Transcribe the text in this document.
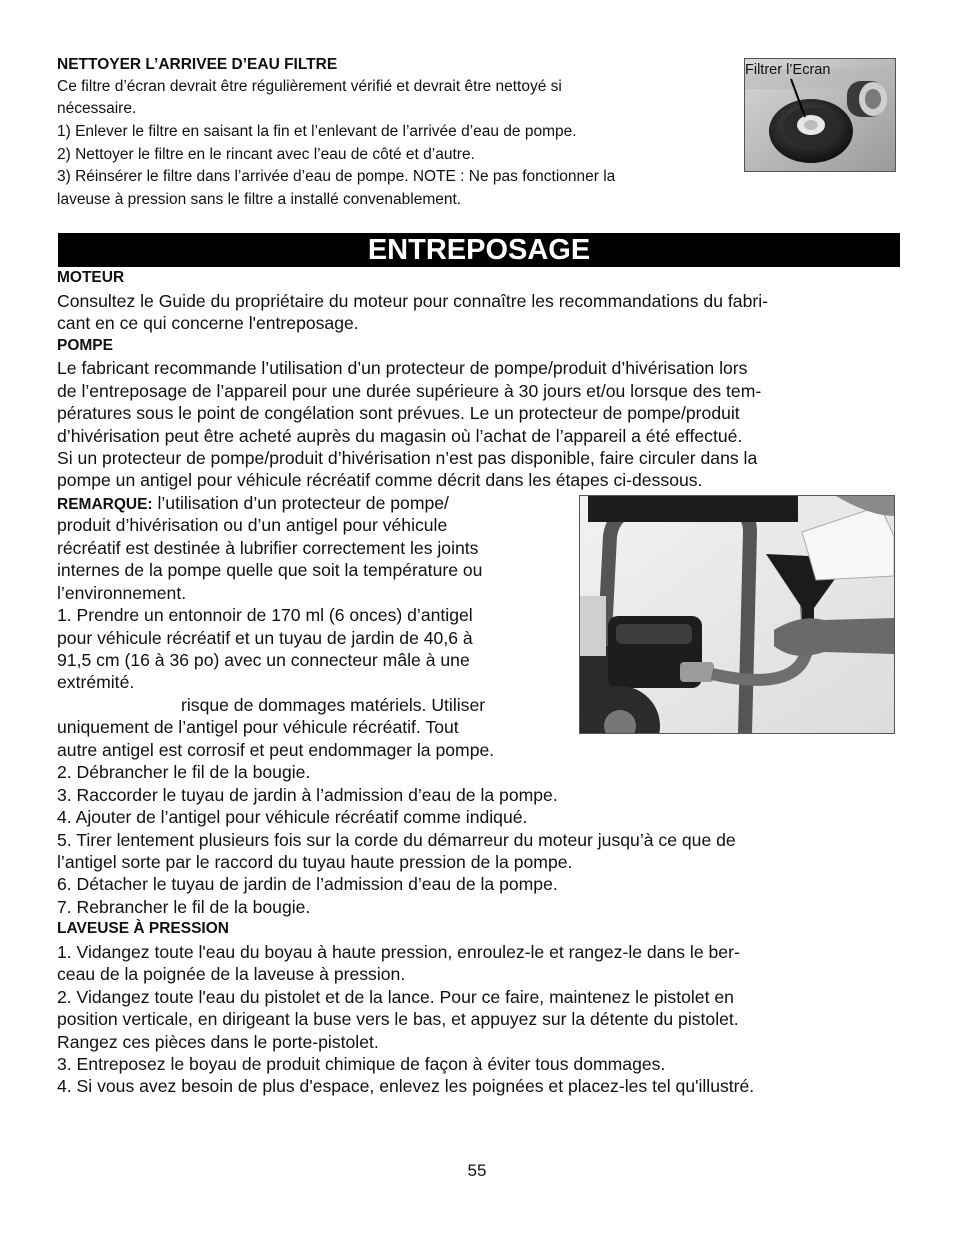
NETTOYER L’ARRIVEE D’EAU FILTRE
Ce filtre d’écran devrait être régulièrement vérifié et devrait être nettoyé si
nécessaire.
1) Enlever le filtre en saisant la fin et l’enlevant de l’arrivée d’eau de pompe.
2) Nettoyer le filtre en le rincant avec l’eau de côté et d’autre.
3) Réinsérer le filtre dans l’arrivée d’eau de pompe. NOTE : Ne pas fonctionner la
laveuse à pression sans le filtre a installé convenablement.
Filtrer l’Ecran
ENTREPOSAGE
MOTEUR
Consultez le Guide du propriétaire du moteur pour connaître les recommandations du fabri-
cant en ce qui concerne l'entreposage.
POMPE
Le fabricant recommande l’utilisation d’un protecteur de pompe/produit d’hivérisation lors
de l’entreposage de l’appareil pour une durée supérieure à 30 jours et/ou lorsque des tem-
pératures sous le point de congélation sont prévues. Le un protecteur de pompe/produit
d’hivérisation peut être acheté auprès du magasin où l’achat de l’appareil a été effectué.
Si un protecteur de pompe/produit d’hivérisation n’est pas disponible, faire circuler dans la
pompe un antigel pour véhicule récréatif comme décrit dans les étapes ci-dessous.
REMARQUE: l’utilisation d’un protecteur de pompe/
produit d’hivérisation ou d’un antigel pour véhicule
récréatif est destinée à lubrifier correctement les joints
internes de la pompe quelle que soit la température ou
l’environnement.
1. Prendre un entonnoir de 170 ml (6 onces) d’antigel
pour véhicule récréatif et un tuyau de jardin de 40,6 à
91,5 cm (16 à 36 po) avec un connecteur mâle à une
extrémité.
risque de dommages matériels. Utiliser
uniquement de l’antigel pour véhicule récréatif. Tout
autre antigel est corrosif et peut endommager la pompe.
2. Débrancher le fil de la bougie.
3. Raccorder le tuyau de jardin à l’admission d’eau de la pompe.
4. Ajouter de l’antigel pour véhicule récréatif comme indiqué.
5. Tirer lentement plusieurs fois sur la corde du démarreur du moteur jusqu’à ce que de
l’antigel sorte par le raccord du tuyau haute pression de la pompe.
6. Détacher le tuyau de jardin de l’admission d’eau de la pompe.
7. Rebrancher le fil de la bougie.
LAVEUSE À PRESSION
1. Vidangez toute l'eau du boyau à haute pression, enroulez-le et rangez-le dans le ber-
ceau de la poignée de la laveuse à pression.
2. Vidangez toute l'eau du pistolet et de la lance. Pour ce faire, maintenez le pistolet en
position verticale, en dirigeant la buse vers le bas, et appuyez sur la détente du pistolet.
Rangez ces pièces dans le porte-pistolet.
3. Entreposez le boyau de produit chimique de façon à éviter tous dommages.
4. Si vous avez besoin de plus d'espace, enlevez les poignées et placez-les tel qu'illustré.
55
